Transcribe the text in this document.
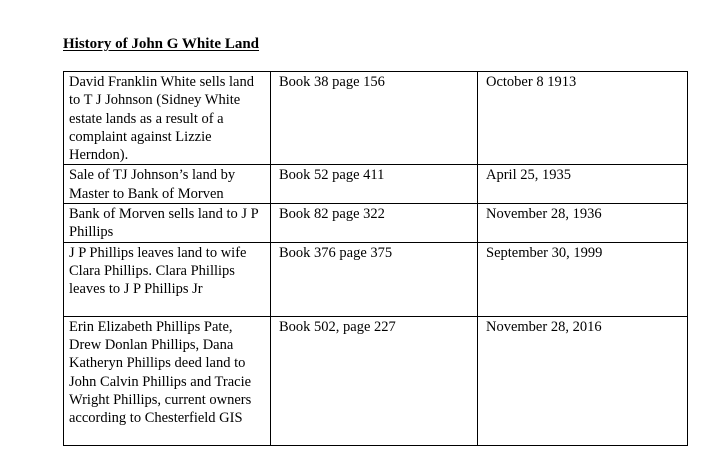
History of John G White Land
David Franklin White sells land to T J Johnson (Sidney White estate lands as a result of a complaint against Lizzie Herndon).	Book 38 page 156	October 8 1913
Sale of TJ Johnson’s land by Master to Bank of Morven	Book 52 page 411	April 25, 1935
Bank of Morven sells land to J P Phillips	Book 82 page 322	November 28, 1936
J P Phillips leaves land to wife Clara Phillips. Clara Phillips leaves to J P Phillips Jr	Book 376 page 375	September 30, 1999
Erin Elizabeth Phillips Pate, Drew Donlan Phillips, Dana Katheryn Phillips deed land to John Calvin Phillips and Tracie Wright Phillips, current owners according to Chesterfield GIS	Book 502, page 227	November 28, 2016
